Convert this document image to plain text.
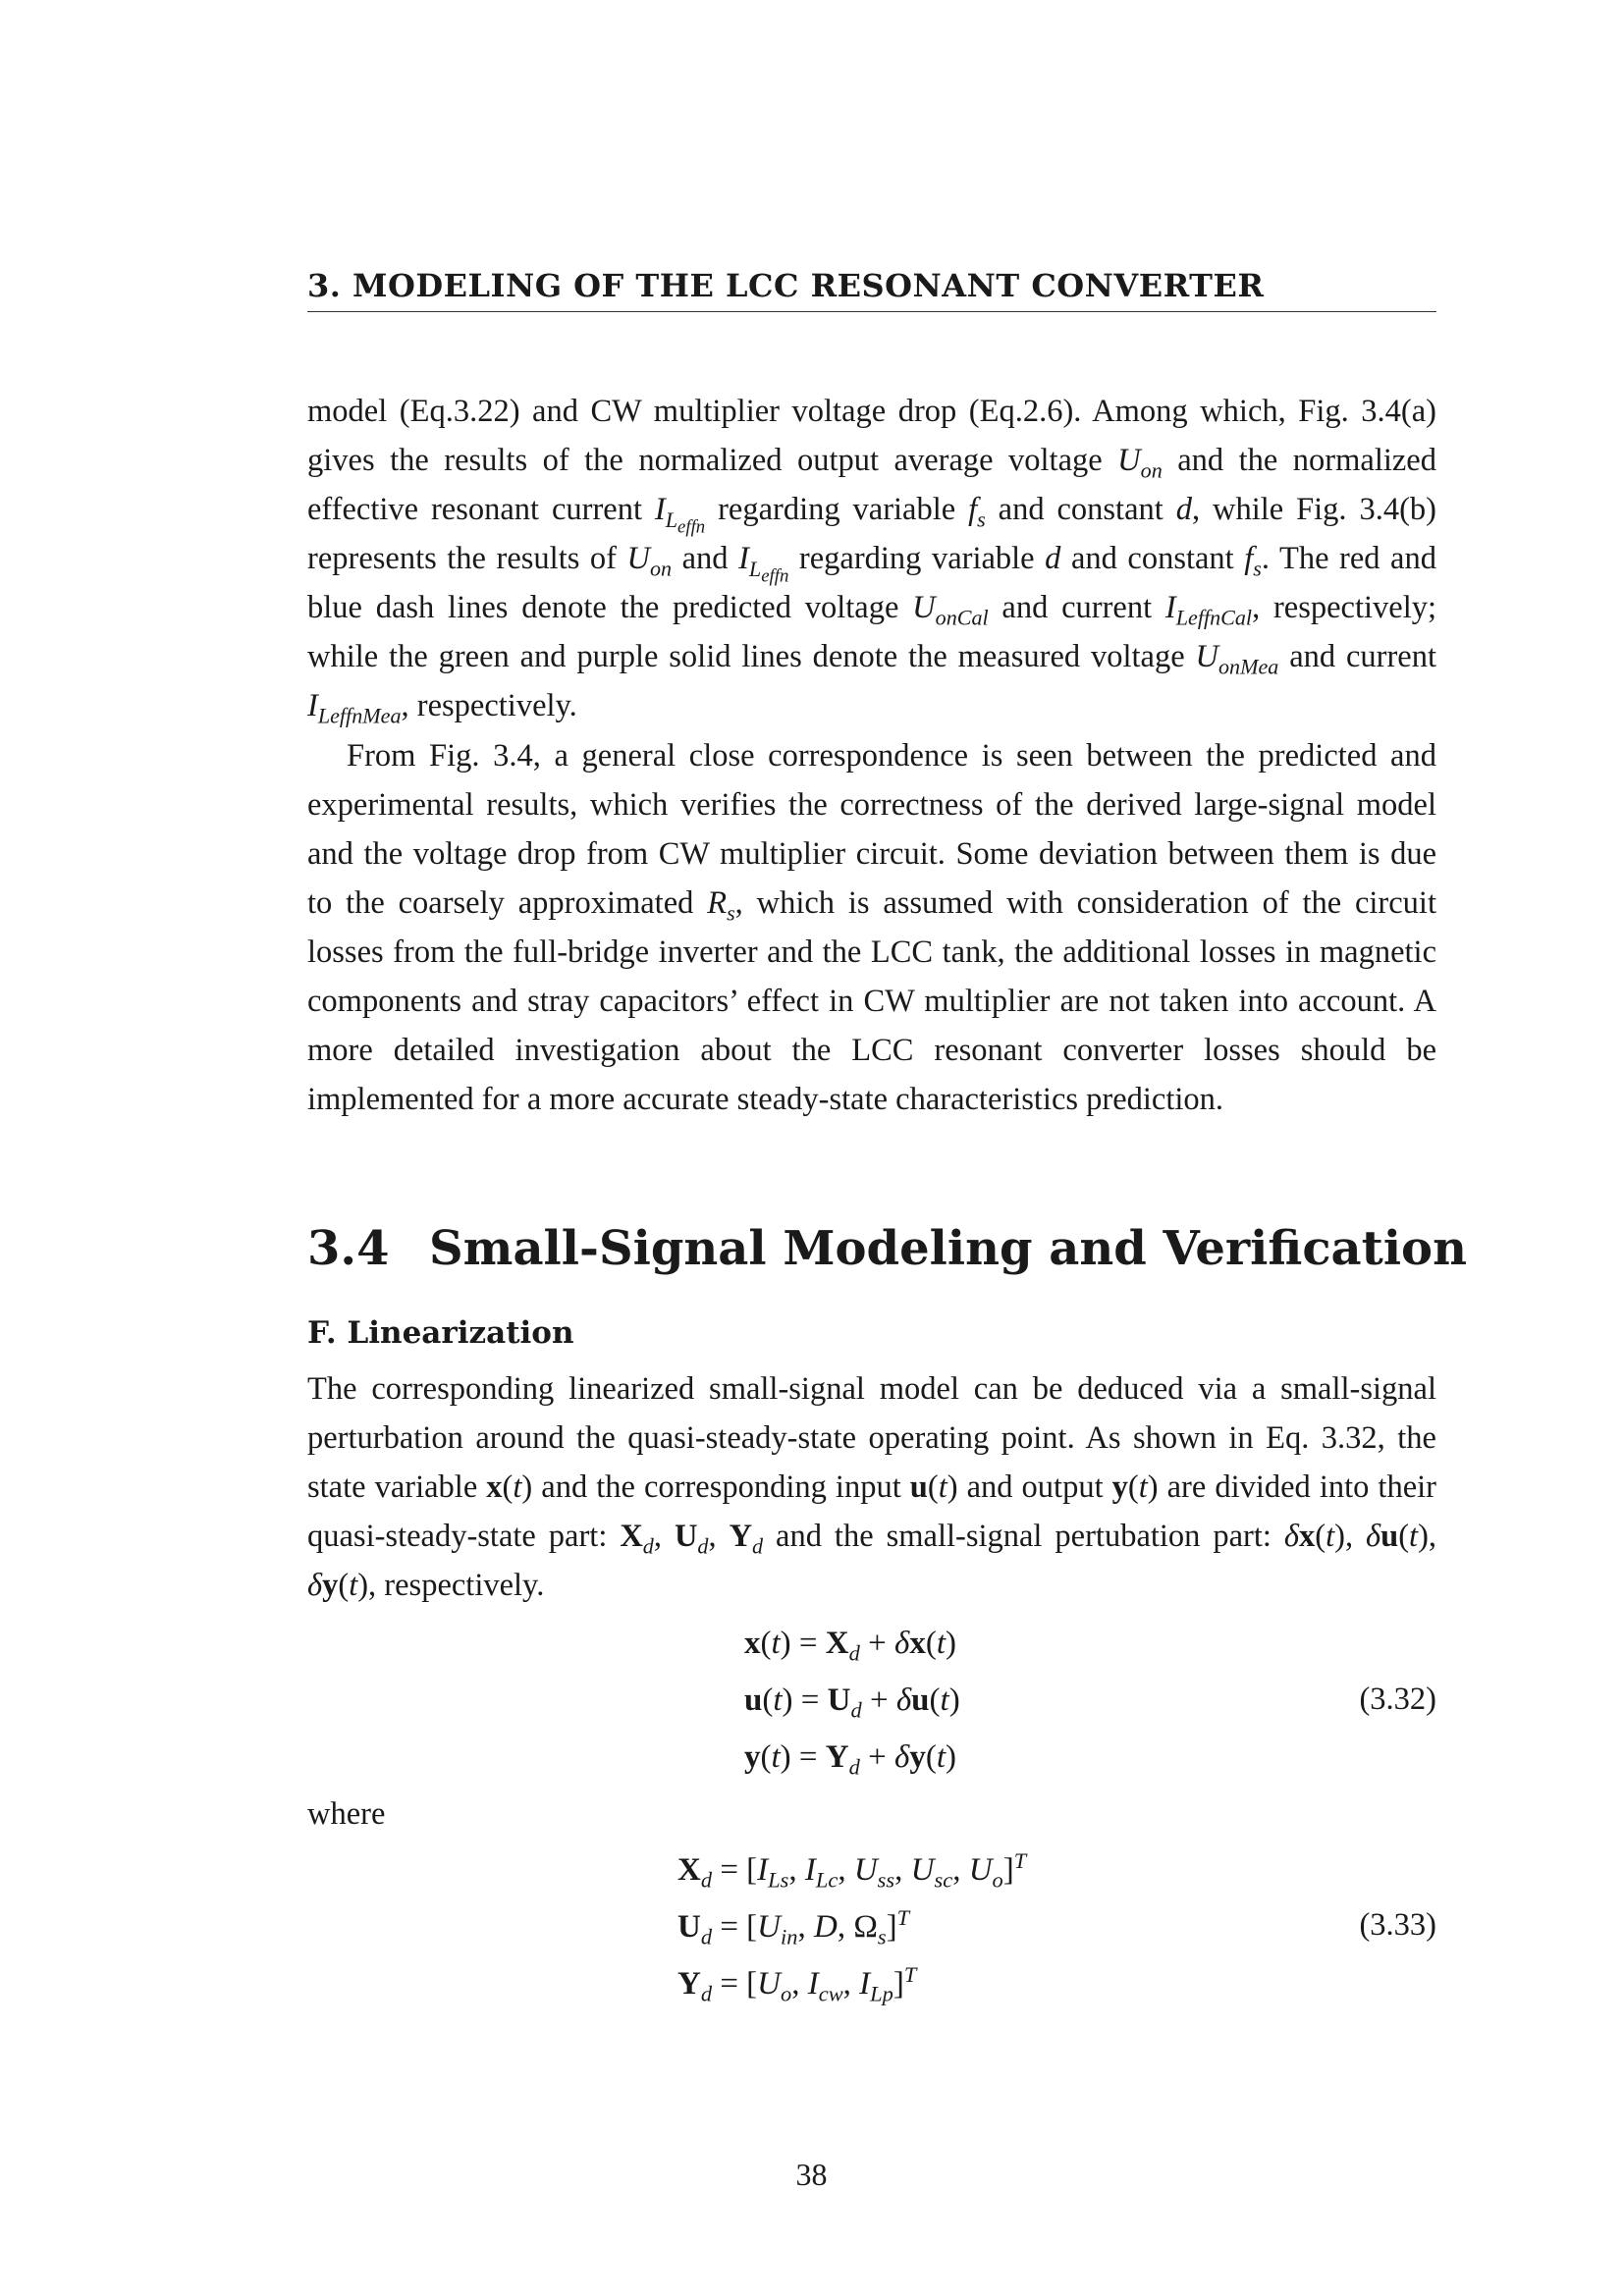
3. MODELING OF THE LCC RESONANT CONVERTER
model (Eq.3.22) and CW multiplier voltage drop (Eq.2.6). Among which, Fig. 3.4(a) gives the results of the normalized output average voltage $U_{on}$ and the normalized effective resonant current $I_{L_{effn}}$ regarding variable $f_s$ and constant d, while Fig. 3.4(b) represents the results of $U_{on}$ and $I_{L_{effn}}$ regarding variable d and constant $f_s$. The red and blue dash lines denote the predicted voltage $U_{onCal}$ and current $I_{LeffnCal}$, respectively; while the green and purple solid lines denote the measured voltage $U_{onMea}$ and current $I_{LeffnMea}$, respectively.
From Fig. 3.4, a general close correspondence is seen between the predicted and experimental results, which verifies the correctness of the derived large-signal model and the voltage drop from CW multiplier circuit. Some deviation between them is due to the coarsely approximated $R_s$, which is assumed with consideration of the circuit losses from the full-bridge inverter and the LCC tank, the additional losses in magnetic components and stray capacitors’ effect in CW multiplier are not taken into account. A more detailed investigation about the LCC resonant converter losses should be implemented for a more accurate steady-state characteristics prediction.
3.4 Small-Signal Modeling and Verification
F. Linearization
The corresponding linearized small-signal model can be deduced via a small-signal perturbation around the quasi-steady-state operating point. As shown in Eq. 3.32, the state variable x(t) and the corresponding input u(t) and output y(t) are divided into their quasi-steady-state part: $X_d$, $U_d$, $Y_d$ and the small-signal pertubation part: δx(t), δu(t), δy(t), respectively.
$x(t) = X_d + \delta x(t)$
$u(t) = U_d + \delta u(t)$
$y(t) = Y_d + \delta y(t)$
(3.32)
where
$X_d = [I_{Ls}$, $I_{Lc}$, $U_{ss}$, $U_{sc}$, $U_o]^T$
$U_d = [U_{in}$, D, $\Omega_s]^T$
$Y_d = [U_o$, $I_{cw}$, $I_{Lp}]^T$
(3.33)
38
